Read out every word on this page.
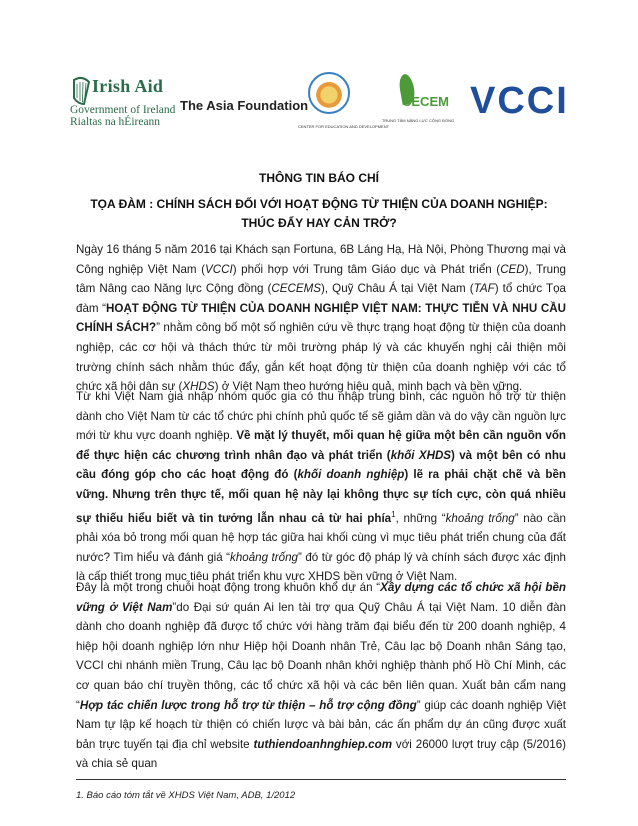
Irish Aid
Government of Ireland
Rialtas na hÉireann
The Asia Foundation
CENTER FOR EDUCATION AND DEVELOPMENT
CECEM
TRUNG TÂM NĂNG LỰC CỘNG ĐỒNG VCCI
THÔNG TIN BÁO CHÍ
TỌA ĐÀM : CHÍNH SÁCH ĐỐI VỚI HOẠT ĐỘNG TỪ THIỆN CỦA DOANH NGHIỆP:
THÚC ĐẨY HAY CẢN TRỞ?
Ngày 16 tháng 5 năm 2016 tại Khách sạn Fortuna, 6B Láng Hạ, Hà Nội, Phòng Thương mại và Công nghiệp Việt Nam (VCCI) phối hợp với Trung tâm Giáo dục và Phát triển (CED), Trung tâm Nâng cao Năng lực Cộng đồng (CECEMS), Quỹ Châu Á tại Việt Nam (TAF) tổ chức Tọa đàm “HOẠT ĐỘNG TỪ THIỆN CỦA DOANH NGHIỆP VIỆT NAM: THỰC TIỄN VÀ NHU CẦU CHÍNH SÁCH?” nhằm công bố một số nghiên cứu về thực trạng hoạt động từ thiện của doanh nghiệp, các cơ hội và thách thức từ môi trường pháp lý và các khuyến nghị cải thiện môi trường chính sách nhằm thúc đẩy, gắn kết hoạt động từ thiện của doanh nghiệp với các tổ chức xã hội dân sự (XHDS) ở Việt Nam theo hướng hiệu quả, minh bạch và bền vững.
Từ khi Việt Nam gia nhập nhóm quốc gia có thu nhập trung bình, các nguồn hỗ trợ từ thiện dành cho Việt Nam từ các tổ chức phi chính phủ quốc tế sẽ giảm dần và do vậy cần nguồn lực mới từ khu vực doanh nghiệp. Về mặt lý thuyết, mối quan hệ giữa một bên cần nguồn vốn để thực hiện các chương trình nhân đạo và phát triển (khối XHDS) và một bên có nhu cầu đóng góp cho các hoạt động đó (khối doanh nghiệp) lẽ ra phải chặt chẽ và bền vững. Nhưng trên thực tế, mối quan hệ này lại không thực sự tích cực, còn quá nhiều sự thiếu hiểu biết và tin tưởng lẫn nhau cả từ hai phía$^1$, những “khoảng trống” nào cần phải xóa bỏ trong mối quan hệ hợp tác giữa hai khối cùng vì mục tiêu phát triển chung của đất nước? Tìm hiểu và đánh giá “khoảng trống” đó từ góc độ pháp lý và chính sách được xác định là cấp thiết trong mục tiêu phát triển khu vực XHDS bền vững ở Việt Nam.
Đây là một trong chuỗi hoạt động trong khuôn khổ dự án “Xây dựng các tổ chức xã hội bền vững ở Việt Nam”do Đại sứ quán Ai len tài trợ qua Quỹ Châu Á tại Việt Nam. 10 diễn đàn dành cho doanh nghiệp đã được tổ chức với hàng trăm đại biểu đến từ 200 doanh nghiệp, 4 hiệp hội doanh nghiệp lớn như Hiệp hội Doanh nhân Trẻ, Câu lạc bộ Doanh nhân Sáng tạo, VCCI chi nhánh miền Trung, Câu lạc bộ Doanh nhân khởi nghiệp thành phố Hồ Chí Minh, các cơ quan báo chí truyền thông, các tổ chức xã hội và các bên liên quan. Xuất bản cẩm nang “Hợp tác chiến lược trong hỗ trợ từ thiện – hỗ trợ cộng đồng” giúp các doanh nghiệp Việt Nam tự lập kế hoạch từ thiện có chiến lược và bài bản, các ấn phẩm dự án cũng được xuất bản trực tuyến tại địa chỉ website tuthiendoanhnghiep.com với 26000 lượt truy cập (5/2016) và chia sẻ quan
1. Báo cáo tóm tắt về XHDS Việt Nam, ADB, 1/2012
